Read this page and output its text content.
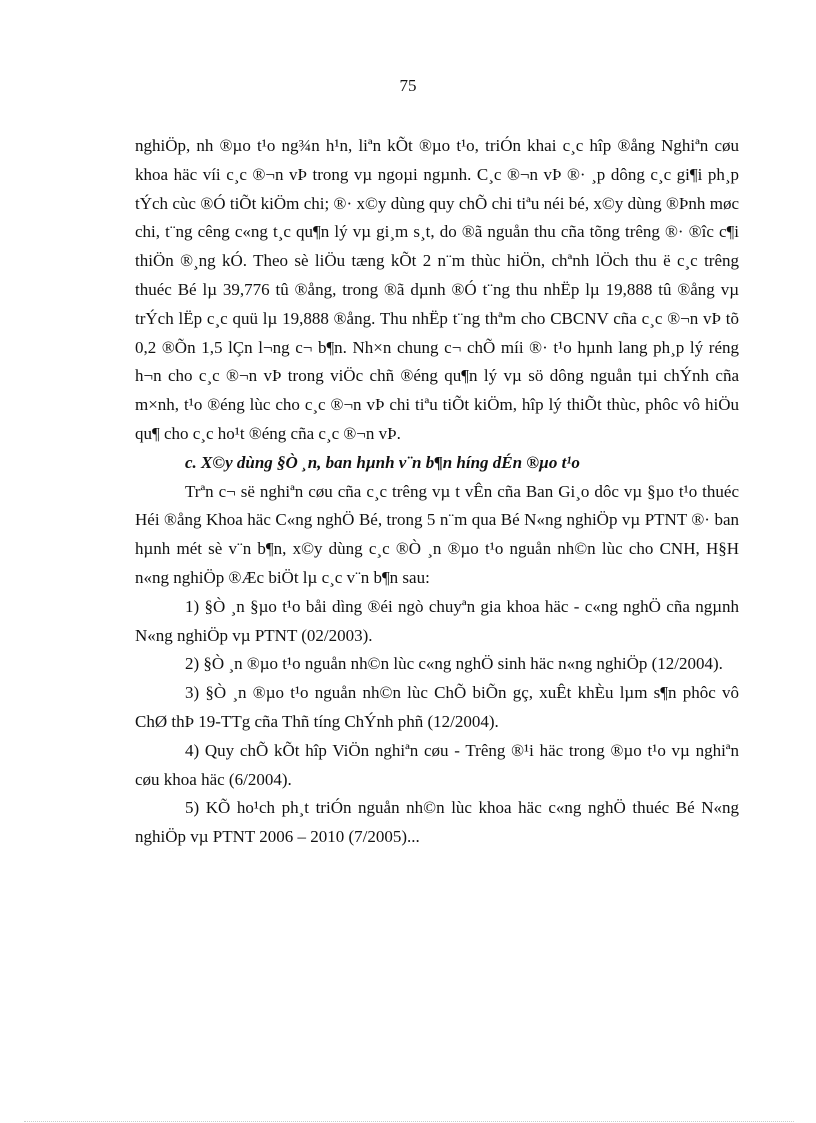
75

nghiÖp, nh ®µo t¹o ng¾n h¹n, liªn kÕt ®µo t¹o, triÓn khai c¸c hîp ®ång Nghiªn cøu khoa häc víi c¸c ®¬n vÞ trong vµ ngoµi ngµnh. C¸c ®¬n vÞ ®· ¸p dông c¸c gi¶i ph¸p tÝch cùc ®Ó tiÕt kiÖm chi; ®· x©y dùng quy chÕ chi tiªu néi bé, x©y dùng ®Þnh møc chi, t¨ng cêng c«ng t¸c qu¶n lý vµ gi¸m s¸t, do ®ã nguån thu cña tõng trêng ®· ®îc c¶i thiÖn ®¸ng kÓ. Theo sè liÖu tæng kÕt 2 n¨m thùc hiÖn, chªnh lÖch thu ë c¸c trêng thuéc Bé lµ 39,776 tû ®ång, trong ®ã dµnh ®Ó t¨ng thu nhËp lµ 19,888 tû ®ång vµ trÝch lËp c¸c quü lµ 19,888 ®ång. Thu nhËp t¨ng thªm cho CBCNV cña c¸c ®¬n vÞ tõ 0,2 ®Õn 1,5 lÇn l¬ng c¬ b¶n. Nh×n chung c¬ chÕ míi ®· t¹o hµnh lang ph¸p lý réng h¬n cho c¸c ®¬n vÞ trong viÖc chñ ®éng qu¶n lý vµ sö dông nguån tµi chÝnh cña m×nh, t¹o ®éng lùc cho c¸c ®¬n vÞ chi tiªu tiÕt kiÖm, hîp lý thiÕt thùc, phôc vô hiÖu qu¶ cho c¸c ho¹t ®éng cña c¸c ®¬n vÞ.

c. X©y dùng §Ò ¸n, ban hµnh v¨n b¶n híng dÉn ®µo t¹o

Trªn c¬ së nghiªn cøu cña c¸c trêng vµ t vÊn cña Ban Gi¸o dôc vµ §µo t¹o thuéc Héi ®ång Khoa häc C«ng nghÖ Bé, trong 5 n¨m qua Bé N«ng nghiÖp vµ PTNT ®· ban hµnh mét sè v¨n b¶n, x©y dùng c¸c ®Ò ¸n ®µo t¹o nguån nh©n lùc cho CNH, H§H n«ng nghiÖp ®Æc biÖt lµ c¸c v¨n b¶n sau:

1) §Ò ¸n §µo t¹o båi dìng ®éi ngò chuyªn gia khoa häc - c«ng nghÖ cña ngµnh N«ng nghiÖp vµ PTNT (02/2003).

2) §Ò ¸n ®µo t¹o nguån nh©n lùc c«ng nghÖ sinh häc n«ng nghiÖp (12/2004).

3) §Ò ¸n ®µo t¹o nguån nh©n lùc ChÕ biÕn gç, xuÊt khÈu lµm s¶n phôc vô ChØ thÞ 19-TTg cña Thñ tíng ChÝnh phñ (12/2004).

4) Quy chÕ kÕt hîp ViÖn nghiªn cøu - Trêng ®¹i häc trong ®µo t¹o vµ nghiªn cøu khoa häc (6/2004).

5) KÕ ho¹ch ph¸t triÓn nguån nh©n lùc khoa häc c«ng nghÖ thuéc Bé N«ng nghiÖp vµ PTNT 2006 – 2010 (7/2005)...
